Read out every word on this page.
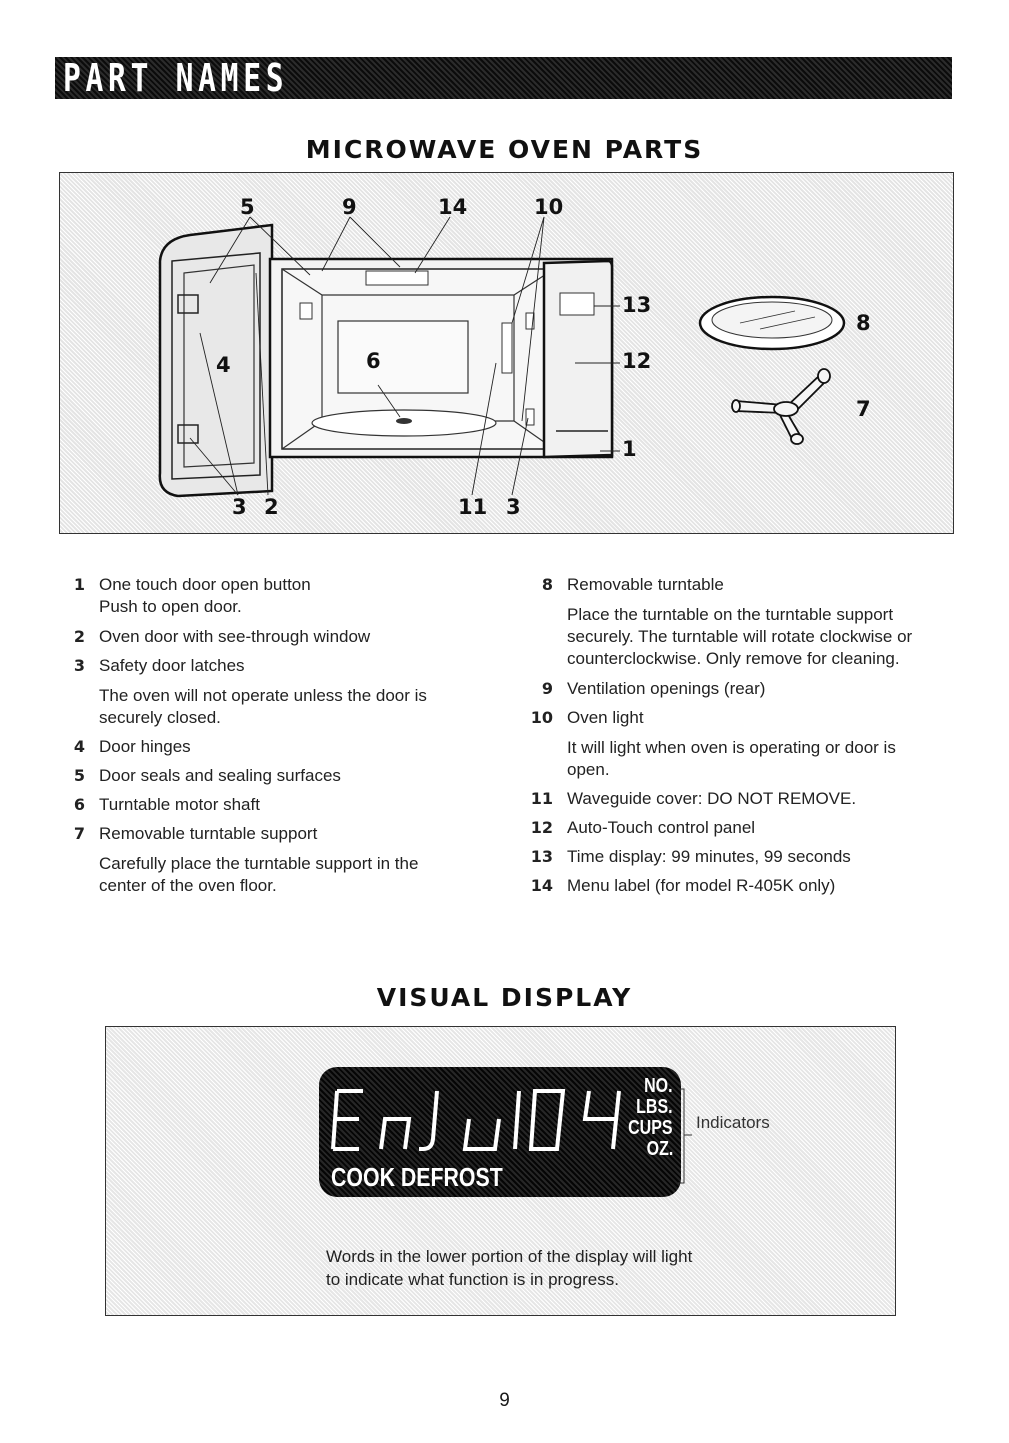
PART NAMES
MICROWAVE OVEN PARTS
5	9	14	10
13
12
1
4	6
8
7
3 2	11 3
1 One touch door open button
Push to open door.
2 Oven door with see-through window
3 Safety door latches
The oven will not operate unless the door is securely closed.
4 Door hinges
5 Door seals and sealing surfaces
6 Turntable motor shaft
7 Removable turntable support
Carefully place the turntable support in the center of the oven floor.
8 Removable turntable
Place the turntable on the turntable support securely. The turntable will rotate clockwise or counterclockwise. Only remove for cleaning.
9 Ventilation openings (rear)
10 Oven light
It will light when oven is operating or door is open.
11 Waveguide cover: DO NOT REMOVE.
12 Auto-Touch control panel
13 Time display: 99 minutes, 99 seconds
14 Menu label (for model R-405K only)
VISUAL DISPLAY
NO.
LBS.
CUPS
OZ.
COOK DEFROST
Indicators
Words in the lower portion of the display will light to indicate what function is in progress.
9
